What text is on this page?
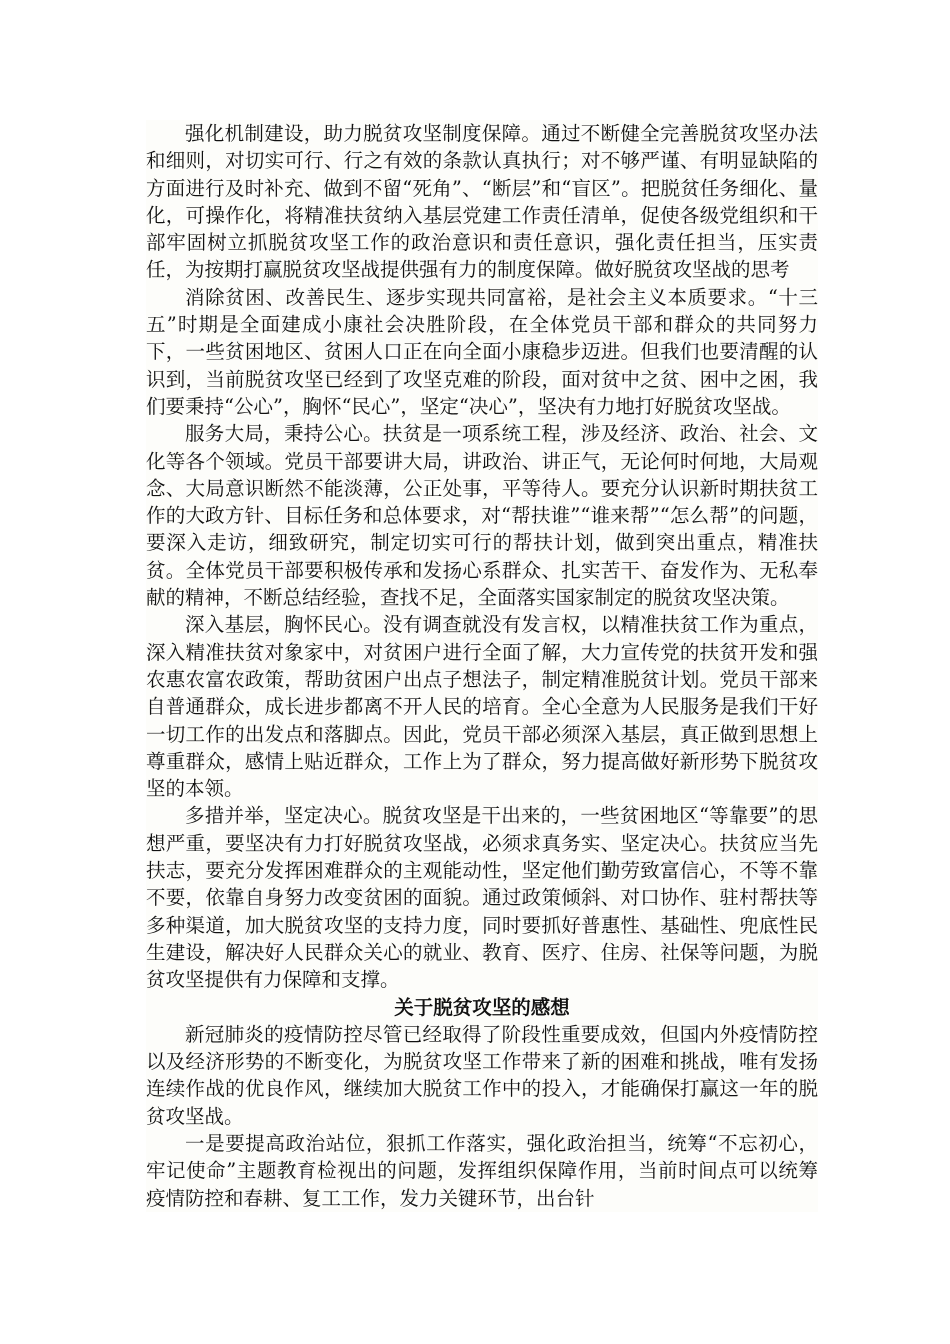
强化机制建设，助力脱贫攻坚制度保障。通过不断健全完善脱贫攻坚办法和细则，对切实可行、行之有效的条款认真执行；对不够严谨、有明显缺陷的方面进行及时补充、做到不留“死角”、“断层”和“盲区”。把脱贫任务细化、量化，可操作化，将精准扶贫纳入基层党建工作责任清单，促使各级党组织和干部牢固树立抓脱贫攻坚工作的政治意识和责任意识，强化责任担当，压实责任，为按期打赢脱贫攻坚战提供强有力的制度保障。做好脱贫攻坚战的思考

消除贫困、改善民生、逐步实现共同富裕，是社会主义本质要求。“十三五”时期是全面建成小康社会决胜阶段，在全体党员干部和群众的共同努力下，一些贫困地区、贫困人口正在向全面小康稳步迈进。但我们也要清醒的认识到，当前脱贫攻坚已经到了攻坚克难的阶段，面对贫中之贫、困中之困，我们要秉持“公心”，胸怀“民心”，坚定“决心”，坚决有力地打好脱贫攻坚战。

服务大局，秉持公心。扶贫是一项系统工程，涉及经济、政治、社会、文化等各个领域。党员干部要讲大局，讲政治、讲正气，无论何时何地，大局观念、大局意识断然不能淡薄，公正处事，平等待人。要充分认识新时期扶贫工作的大政方针、目标任务和总体要求，对“帮扶谁”“谁来帮”“怎么帮”的问题，要深入走访，细致研究，制定切实可行的帮扶计划，做到突出重点，精准扶贫。全体党员干部要积极传承和发扬心系群众、扎实苦干、奋发作为、无私奉献的精神，不断总结经验，查找不足，全面落实国家制定的脱贫攻坚决策。

深入基层，胸怀民心。没有调查就没有发言权，以精准扶贫工作为重点，深入精准扶贫对象家中，对贫困户进行全面了解，大力宣传党的扶贫开发和强农惠农富农政策，帮助贫困户出点子想法子，制定精准脱贫计划。党员干部来自普通群众，成长进步都离不开人民的培育。全心全意为人民服务是我们干好一切工作的出发点和落脚点。因此，党员干部必须深入基层，真正做到思想上尊重群众，感情上贴近群众，工作上为了群众，努力提高做好新形势下脱贫攻坚的本领。

多措并举，坚定决心。脱贫攻坚是干出来的，一些贫困地区“等靠要”的思想严重，要坚决有力打好脱贫攻坚战，必须求真务实、坚定决心。扶贫应当先扶志，要充分发挥困难群众的主观能动性，坚定他们勤劳致富信心，不等不靠不要，依靠自身努力改变贫困的面貌。通过政策倾斜、对口协作、驻村帮扶等多种渠道，加大脱贫攻坚的支持力度，同时要抓好普惠性、基础性、兜底性民生建设，解决好人民群众关心的就业、教育、医疗、住房、社保等问题，为脱贫攻坚提供有力保障和支撑。

关于脱贫攻坚的感想

新冠肺炎的疫情防控尽管已经取得了阶段性重要成效，但国内外疫情防控以及经济形势的不断变化，为脱贫攻坚工作带来了新的困难和挑战，唯有发扬连续作战的优良作风，继续加大脱贫工作中的投入，才能确保打赢这一年的脱贫攻坚战。

一是要提高政治站位，狠抓工作落实，强化政治担当，统筹“不忘初心，牢记使命”主题教育检视出的问题，发挥组织保障作用，当前时间点可以统筹疫情防控和春耕、复工工作，发力关键环节，出台针
